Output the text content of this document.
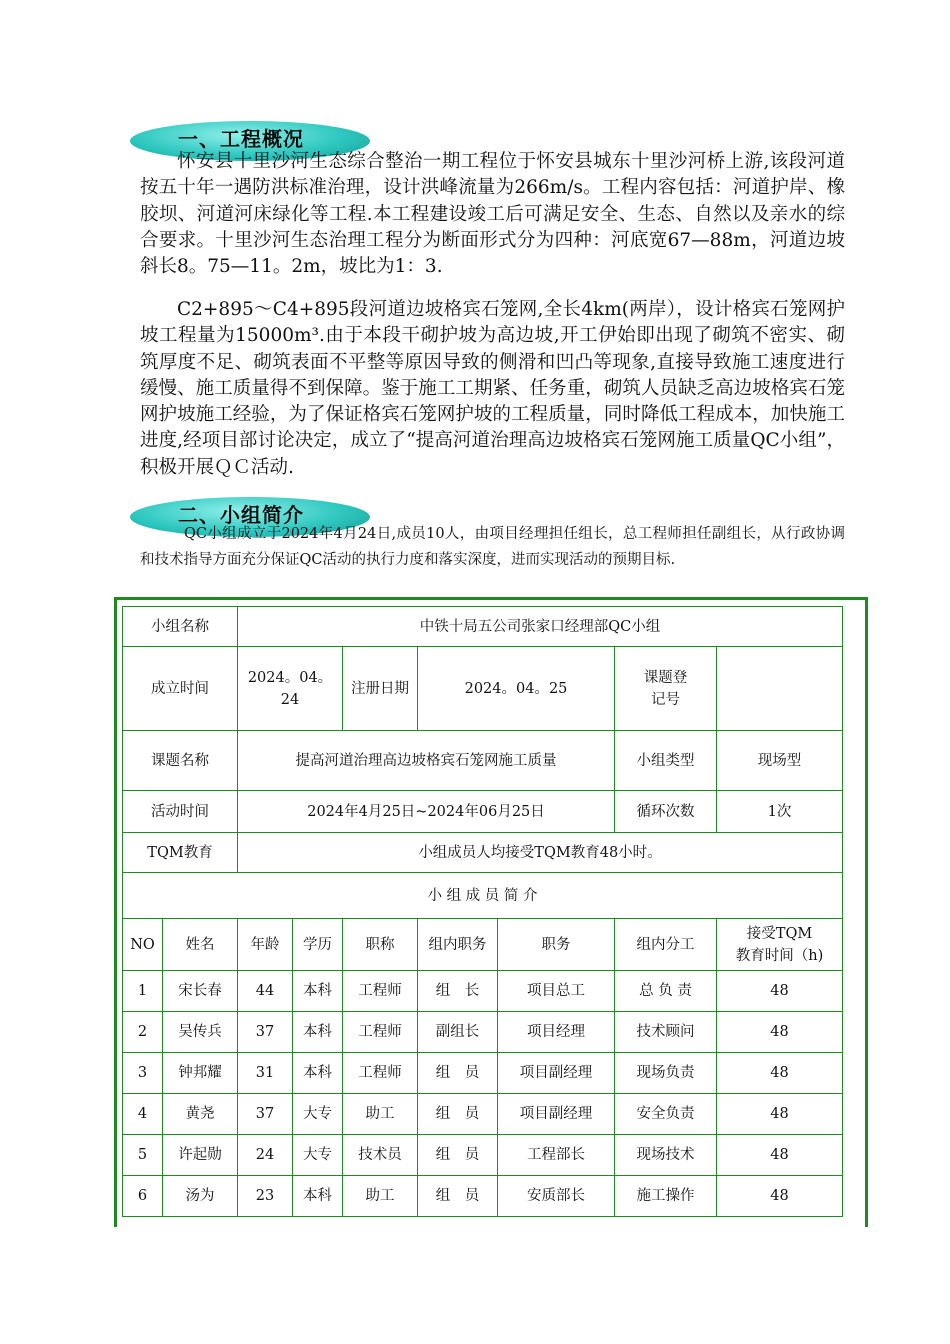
一、工程概况

怀安县十里沙河生态综合整治一期工程位于怀安县城东十里沙河桥上游,该段河道按五十年一遇防洪标准治理，设计洪峰流量为266m/s。工程内容包括：河道护岸、橡胶坝、河道河床绿化等工程.本工程建设竣工后可满足安全、生态、自然以及亲水的综合要求。十里沙河生态治理工程分为断面形式分为四种：河底宽67—88m，河道边坡斜长8。75—11。2m，坡比为1：3.

C2+895～C4+895段河道边坡格宾石笼网,全长4km(两岸），设计格宾石笼网护坡工程量为15000m³.由于本段干砌护坡为高边坡,开工伊始即出现了砌筑不密实、砌筑厚度不足、砌筑表面不平整等原因导致的侧滑和凹凸等现象,直接导致施工速度进行缓慢、施工质量得不到保障。鉴于施工工期紧、任务重，砌筑人员缺乏高边坡格宾石笼网护坡施工经验，为了保证格宾石笼网护坡的工程质量，同时降低工程成本，加快施工进度,经项目部讨论决定，成立了“提高河道治理高边坡格宾石笼网施工质量QC小组”，积极开展ＱＣ活动.

二、小组简介

QC小组成立于2024年4月24日,成员10人，由项目经理担任组长，总工程师担任副组长，从行政协调和技术指导方面充分保证QC活动的执行力度和落实深度，进而实现活动的预期目标.

小组名称		中铁十局五公司张家口经理部QC小组						
成立时间		2024。04。24		注册日期	2024。04。25		课题登
记号	
课题名称		提高河道治理高边坡格宾石笼网施工质量					小组类型	现场型
活动时间		2024年4月25日~2024年06月25日					循环次数	1次
TQM教育		小组成员人均接受TQM教育48小时。						
小 组 成 员 简 介								
NO	姓名	年龄	学历	职称	组内职务	职务	组内分工	接受TQM
教育时间（h)
1	宋长春	44	本科	工程师	组　长	项目总工	总 负 责	48
2	吴传兵	37	本科	工程师	副组长	项目经理	技术顾问	48
3	钟邦耀	31	本科	工程师	组　员	项目副经理	现场负责	48
4	黄尧	37	大专	助工	组　员	项目副经理	安全负责	48
5	许起勋	24	大专	技术员	组　员	工程部长	现场技术	48
6	汤为	23	本科	助工	组　员	安质部长	施工操作	48
